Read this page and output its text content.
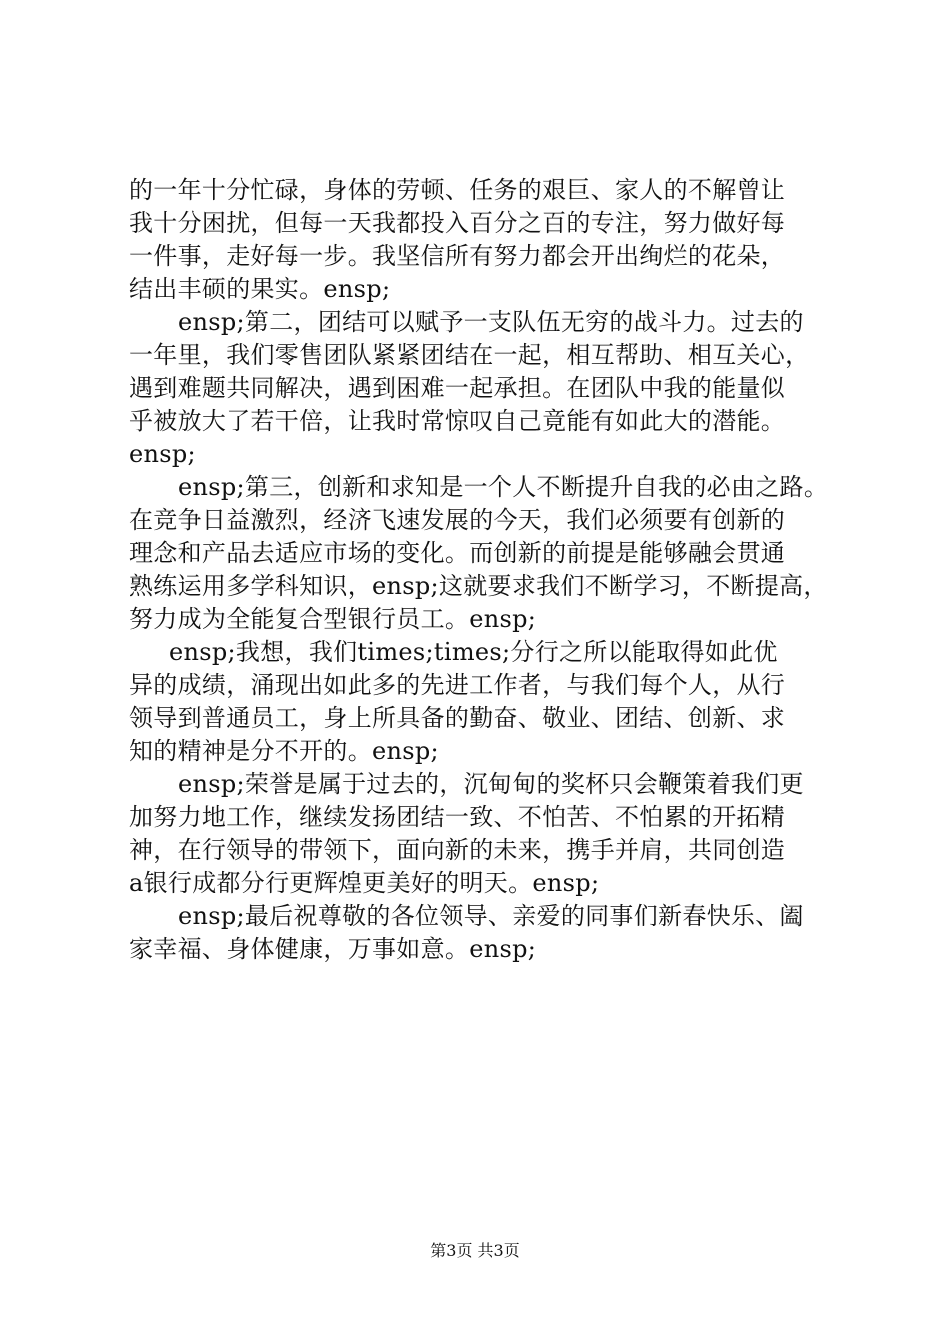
的一年十分忙碌，身体的劳顿、任务的艰巨、家人的不解曾让
我十分困扰，但每一天我都投入百分之百的专注，努力做好每
一件事，走好每一步。我坚信所有努力都会开出绚烂的花朵，
结出丰硕的果实。ensp;
ensp;第二，团结可以赋予一支队伍无穷的战斗力。过去的
一年里，我们零售团队紧紧团结在一起，相互帮助、相互关心，
遇到难题共同解决，遇到困难一起承担。在团队中我的能量似
乎被放大了若干倍，让我时常惊叹自己竟能有如此大的潜能。
ensp;
ensp;第三，创新和求知是一个人不断提升自我的必由之路。
在竞争日益激烈，经济飞速发展的今天，我们必须要有创新的
理念和产品去适应市场的变化。而创新的前提是能够融会贯通
熟练运用多学科知识，ensp;这就要求我们不断学习，不断提高，
努力成为全能复合型银行员工。ensp;
ensp;我想，我们times;times;分行之所以能取得如此优
异的成绩，涌现出如此多的先进工作者，与我们每个人，从行
领导到普通员工，身上所具备的勤奋、敬业、团结、创新、求
知的精神是分不开的。ensp;
ensp;荣誉是属于过去的，沉甸甸的奖杯只会鞭策着我们更
加努力地工作，继续发扬团结一致、不怕苦、不怕累的开拓精
神，在行领导的带领下，面向新的未来，携手并肩，共同创造
a银行成都分行更辉煌更美好的明天。ensp;
ensp;最后祝尊敬的各位领导、亲爱的同事们新春快乐、阖
家幸福、身体健康，万事如意。ensp;
第3页 共3页
